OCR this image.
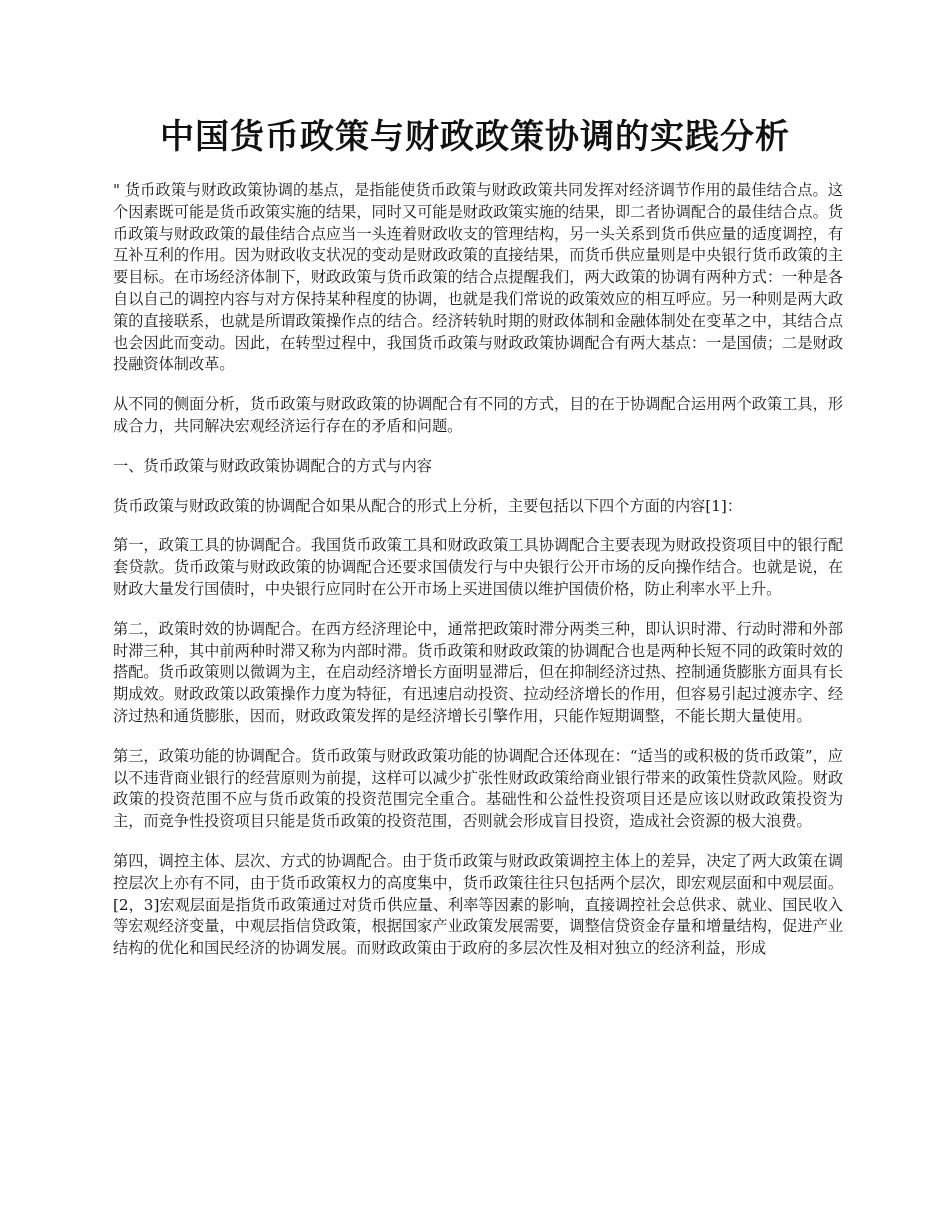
中国货币政策与财政政策协调的实践分析

" 货币政策与财政政策协调的基点，是指能使货币政策与财政政策共同发挥对经济调节作用的最佳结合点。这个因素既可能是货币政策实施的结果，同时又可能是财政政策实施的结果，即二者协调配合的最佳结合点。货币政策与财政政策的最佳结合点应当一头连着财政收支的管理结构，另一头关系到货币供应量的适度调控，有互补互利的作用。因为财政收支状况的变动是财政政策的直接结果，而货币供应量则是中央银行货币政策的主要目标。在市场经济体制下，财政政策与货币政策的结合点提醒我们，两大政策的协调有两种方式：一种是各自以自己的调控内容与对方保持某种程度的协调，也就是我们常说的政策效应的相互呼应。另一种则是两大政策的直接联系，也就是所谓政策操作点的结合。经济转轨时期的财政体制和金融体制处在变革之中，其结合点也会因此而变动。因此，在转型过程中，我国货币政策与财政政策协调配合有两大基点：一是国债；二是财政投融资体制改革。

从不同的侧面分析，货币政策与财政政策的协调配合有不同的方式，目的在于协调配合运用两个政策工具，形成合力，共同解决宏观经济运行存在的矛盾和问题。

一、货币政策与财政政策协调配合的方式与内容

货币政策与财政政策的协调配合如果从配合的形式上分析，主要包括以下四个方面的内容[1]：

第一，政策工具的协调配合。我国货币政策工具和财政政策工具协调配合主要表现为财政投资项目中的银行配套贷款。货币政策与财政政策的协调配合还要求国债发行与中央银行公开市场的反向操作结合。也就是说，在财政大量发行国债时，中央银行应同时在公开市场上买进国债以维护国债价格，防止利率水平上升。

第二，政策时效的协调配合。在西方经济理论中，通常把政策时滞分两类三种，即认识时滞、行动时滞和外部时滞三种，其中前两种时滞又称为内部时滞。货币政策和财政政策的协调配合也是两种长短不同的政策时效的搭配。货币政策则以微调为主，在启动经济增长方面明显滞后，但在抑制经济过热、控制通货膨胀方面具有长期成效。财政政策以政策操作力度为特征，有迅速启动投资、拉动经济增长的作用，但容易引起过渡赤字、经济过热和通货膨胀，因而，财政政策发挥的是经济增长引擎作用，只能作短期调整，不能长期大量使用。

第三，政策功能的协调配合。货币政策与财政政策功能的协调配合还体现在：“适当的或积极的货币政策”，应以不违背商业银行的经营原则为前提，这样可以减少扩张性财政政策给商业银行带来的政策性贷款风险。财政政策的投资范围不应与货币政策的投资范围完全重合。基础性和公益性投资项目还是应该以财政政策投资为主，而竞争性投资项目只能是货币政策的投资范围，否则就会形成盲目投资，造成社会资源的极大浪费。

第四，调控主体、层次、方式的协调配合。由于货币政策与财政政策调控主体上的差异，决定了两大政策在调控层次上亦有不同，由于货币政策权力的高度集中，货币政策往往只包括两个层次，即宏观层面和中观层面。[2，3]宏观层面是指货币政策通过对货币供应量、利率等因素的影响，直接调控社会总供求、就业、国民收入等宏观经济变量，中观层指信贷政策，根据国家产业政策发展需要，调整信贷资金存量和增量结构，促进产业结构的优化和国民经济的协调发展。而财政政策由于政府的多层次性及相对独立的经济利益，形成
